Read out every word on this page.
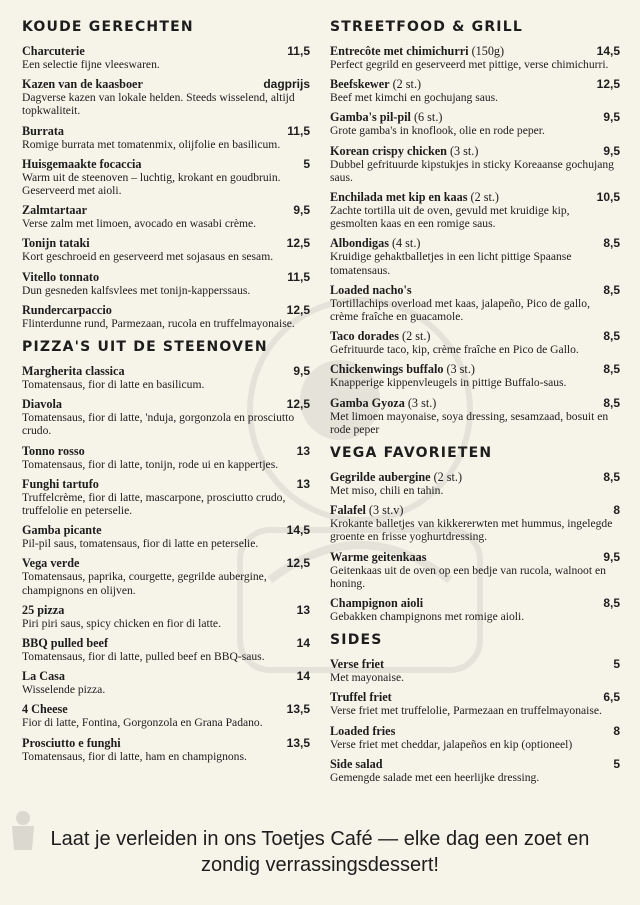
KOUDE GERECHTEN
Charcuterie	11,5
Een selectie fijne vleeswaren.
Kazen van de kaasboer	dagprijs
Dagverse kazen van lokale helden. Steeds wisselend, altijd topkwaliteit.
Burrata	11,5
Romige burrata met tomatenmix, olijfolie en basilicum.
Huisgemaakte focaccia	5
Warm uit de steenoven – luchtig, krokant en goudbruin. Geserveerd met aioli.
Zalmtartaar	9,5
Verse zalm met limoen, avocado en wasabi crème.
Tonijn tataki	12,5
Kort geschroeid en geserveerd met sojasaus en sesam.
Vitello tonnato	11,5
Dun gesneden kalfsvlees met tonijn-kapperssaus.
Rundercarpaccio	12,5
Flinterdunne rund, Parmezaan, rucola en truffelmayonaise.
PIZZA'S UIT DE STEENOVEN
Margherita classica	9,5
Tomatensaus, fior di latte en basilicum.
Diavola	12,5
Tomatensaus, fior di latte, 'nduja, gorgonzola en prosciutto crudo.
Tonno rosso	13
Tomatensaus, fior di latte, tonijn, rode ui en kappertjes.
Funghi tartufo	13
Truffelcrème, fior di latte, mascarpone, prosciutto crudo, truffelolie en peterselie.
Gamba picante	14,5
Pil-pil saus, tomatensaus, fior di latte en peterselie.
Vega verde	12,5
Tomatensaus, paprika, courgette, gegrilde aubergine, champignons en olijven.
25 pizza	13
Piri piri saus, spicy chicken en fior di latte.
BBQ pulled beef	14
Tomatensaus, fior di latte, pulled beef en BBQ-saus.
La Casa	14
Wisselende pizza.
4 Cheese	13,5
Fior di latte, Fontina, Gorgonzola en Grana Padano.
Prosciutto e funghi	13,5
Tomatensaus, fior di latte, ham en champignons.
STREETFOOD & GRILL
Entrecôte met chimichurri (150g)	14,5
Perfect gegrild en geserveerd met pittige, verse chimichurri.
Beefskewer (2 st.)	12,5
Beef met kimchi en gochujang saus.
Gamba's pil-pil (6 st.)	9,5
Grote gamba's in knoflook, olie en rode peper.
Korean crispy chicken (3 st.)	9,5
Dubbel gefrituurde kipstukjes in sticky Koreaanse gochujang saus.
Enchilada met kip en kaas (2 st.)	10,5
Zachte tortilla uit de oven, gevuld met kruidige kip, gesmolten kaas en een romige saus.
Albondigas (4 st.)	8,5
Kruidige gehaktballetjes in een licht pittige Spaanse tomatensaus.
Loaded nacho's	8,5
Tortillachips overload met kaas, jalapeño, Pico de gallo, crème fraîche en guacamole.
Taco dorades (2 st.)	8,5
Gefrituurde taco, kip, crème fraîche en Pico de Gallo.
Chickenwings buffalo (3 st.)	8,5
Knapperige kippenvleugels in pittige Buffalo-saus.
Gamba Gyoza (3 st.)	8,5
Met limoen mayonaise, soya dressing, sesamzaad, bosuit en rode peper
VEGA FAVORIETEN
Gegrilde aubergine (2 st.)	8,5
Met miso, chili en tahin.
Falafel (3 st.v)	8
Krokante balletjes van kikkererwten met hummus, ingelegde groente en frisse yoghurtdressing.
Warme geitenkaas	9,5
Geitenkaas uit de oven op een bedje van rucola, walnoot en honing.
Champignon aioli	8,5
Gebakken champignons met romige aioli.
SIDES
Verse friet	5
Met mayonaise.
Truffel friet	6,5
Verse friet met truffelolie, Parmezaan en truffelmayonaise.
Loaded fries	8
Verse friet met cheddar, jalapeños en kip (optioneel)
Side salad	5
Gemengde salade met een heerlijke dressing.
Laat je verleiden in ons Toetjes Café — elke dag een zoet en zondig verrassingsdessert!
